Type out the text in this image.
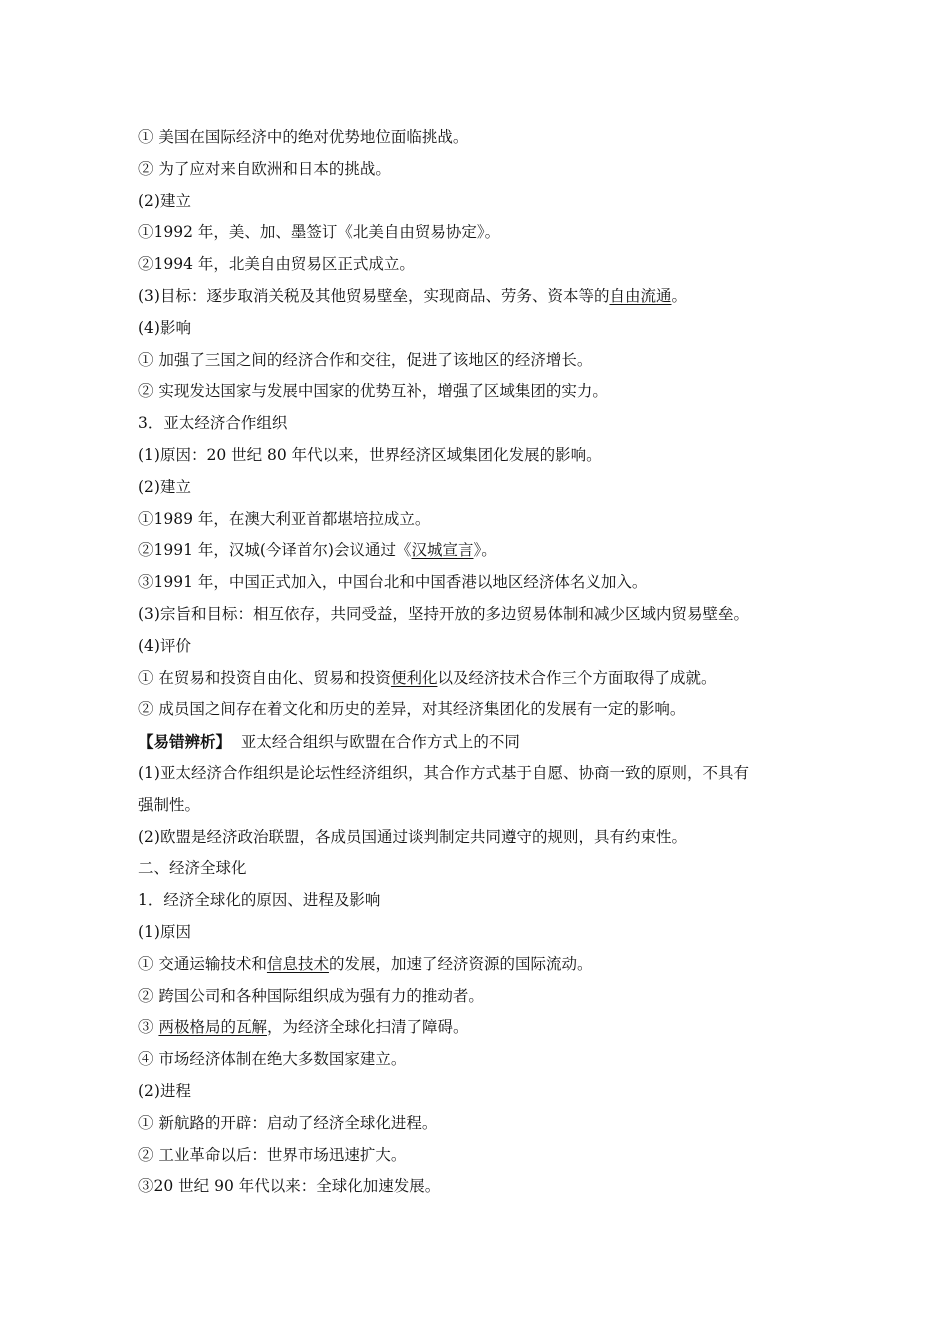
① 美国在国际经济中的绝对优势地位面临挑战。
② 为了应对来自欧洲和日本的挑战。
(2)建立
①1992 年，美、加、墨签订《北美自由贸易协定》。
②1994 年，北美自由贸易区正式成立。
(3)目标：逐步取消关税及其他贸易壁垒，实现商品、劳务、资本等的自由流通。
(4)影响
① 加强了三国之间的经济合作和交往，促进了该地区的经济增长。
② 实现发达国家与发展中国家的优势互补，增强了区域集团的实力。
3．亚太经济合作组织
(1)原因：20 世纪 80 年代以来，世界经济区域集团化发展的影响。
(2)建立
①1989 年，在澳大利亚首都堪培拉成立。
②1991 年，汉城(今译首尔)会议通过《汉城宣言》。
③1991 年，中国正式加入，中国台北和中国香港以地区经济体名义加入。
(3)宗旨和目标：相互依存，共同受益，坚持开放的多边贸易体制和减少区域内贸易壁垒。
(4)评价
① 在贸易和投资自由化、贸易和投资便利化以及经济技术合作三个方面取得了成就。
② 成员国之间存在着文化和历史的差异，对其经济集团化的发展有一定的影响。
【易错辨析】  亚太经合组织与欧盟在合作方式上的不同
(1)亚太经济合作组织是论坛性经济组织，其合作方式基于自愿、协商一致的原则，不具有
强制性。
(2)欧盟是经济政治联盟，各成员国通过谈判制定共同遵守的规则，具有约束性。
二、经济全球化
1．经济全球化的原因、进程及影响
(1)原因
① 交通运输技术和信息技术的发展，加速了经济资源的国际流动。
② 跨国公司和各种国际组织成为强有力的推动者。
③ 两极格局的瓦解，为经济全球化扫清了障碍。
④ 市场经济体制在绝大多数国家建立。
(2)进程
① 新航路的开辟：启动了经济全球化进程。
② 工业革命以后：世界市场迅速扩大。
③20 世纪 90 年代以来：全球化加速发展。
